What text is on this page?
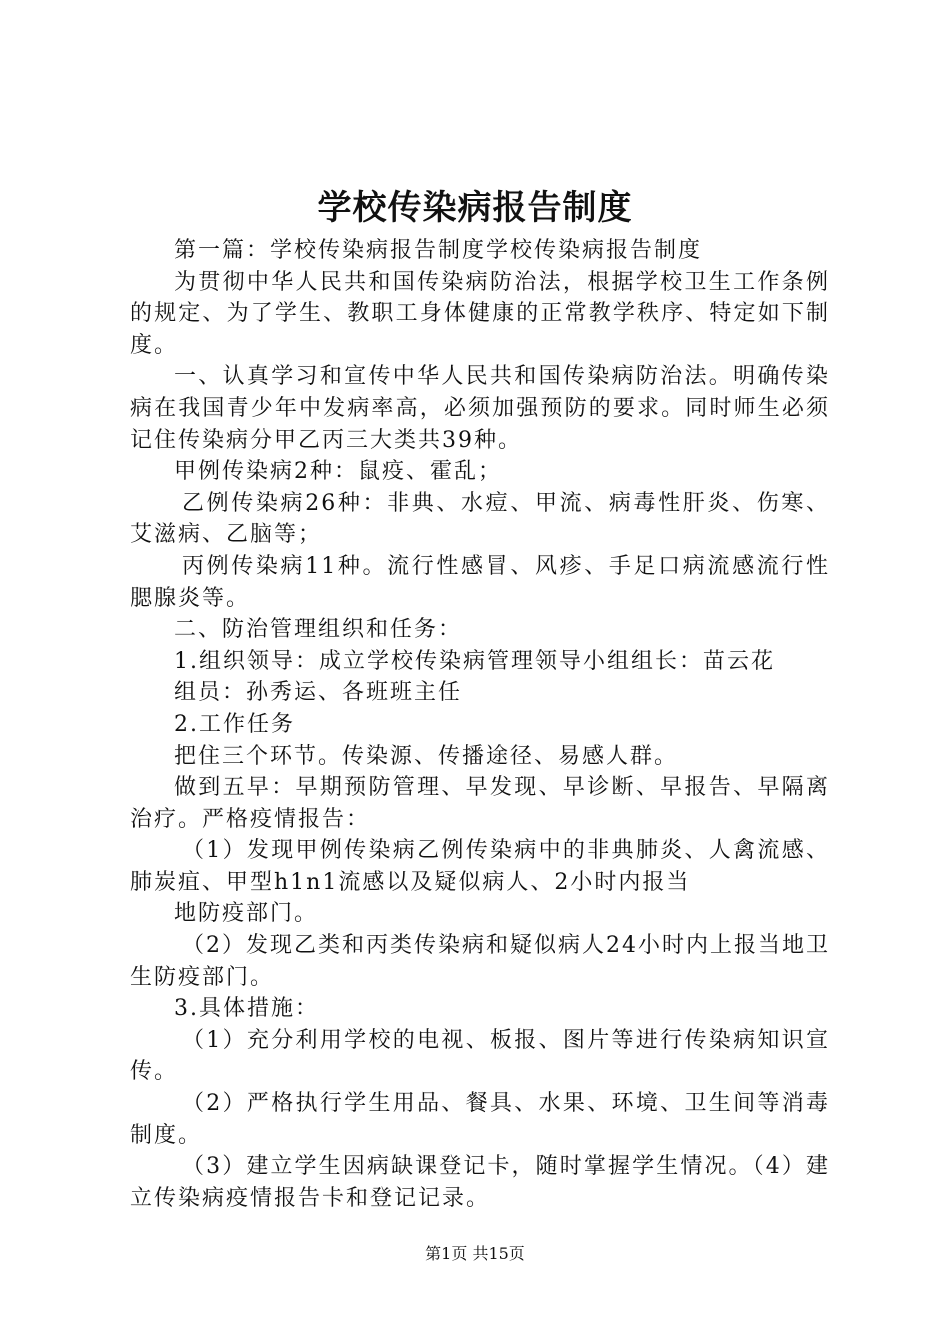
学校传染病报告制度

第一篇：学校传染病报告制度学校传染病报告制度

为贯彻中华人民共和国传染病防治法，根据学校卫生工作条例的规定、为了学生、教职工身体健康的正常教学秩序、特定如下制度。

一、认真学习和宣传中华人民共和国传染病防治法。明确传染病在我国青少年中发病率高，必须加强预防的要求。同时师生必须记住传染病分甲乙丙三大类共39种。

甲例传染病2种：鼠疫、霍乱；

乙例传染病26种：非典、水痘、甲流、病毒性肝炎、伤寒、艾滋病、乙脑等；

丙例传染病11种。流行性感冒、风疹、手足口病流感流行性腮腺炎等。

二、防治管理组织和任务：

1.组织领导：成立学校传染病管理领导小组组长：苗云花

组员：孙秀运、各班班主任

2.工作任务

把住三个环节。传染源、传播途径、易感人群。

做到五早：早期预防管理、早发现、早诊断、早报告、早隔离治疗。严格疫情报告：

（1）发现甲例传染病乙例传染病中的非典肺炎、人禽流感、肺炭疽、甲型h1n1流感以及疑似病人、2小时内报当

地防疫部门。

（2）发现乙类和丙类传染病和疑似病人24小时内上报当地卫生防疫部门。

3.具体措施：

（1）充分利用学校的电视、板报、图片等进行传染病知识宣传。

（2）严格执行学生用品、餐具、水果、环境、卫生间等消毒制度。

（3）建立学生因病缺课登记卡，随时掌握学生情况。（4）建立传染病疫情报告卡和登记记录。

第1页 共15页
